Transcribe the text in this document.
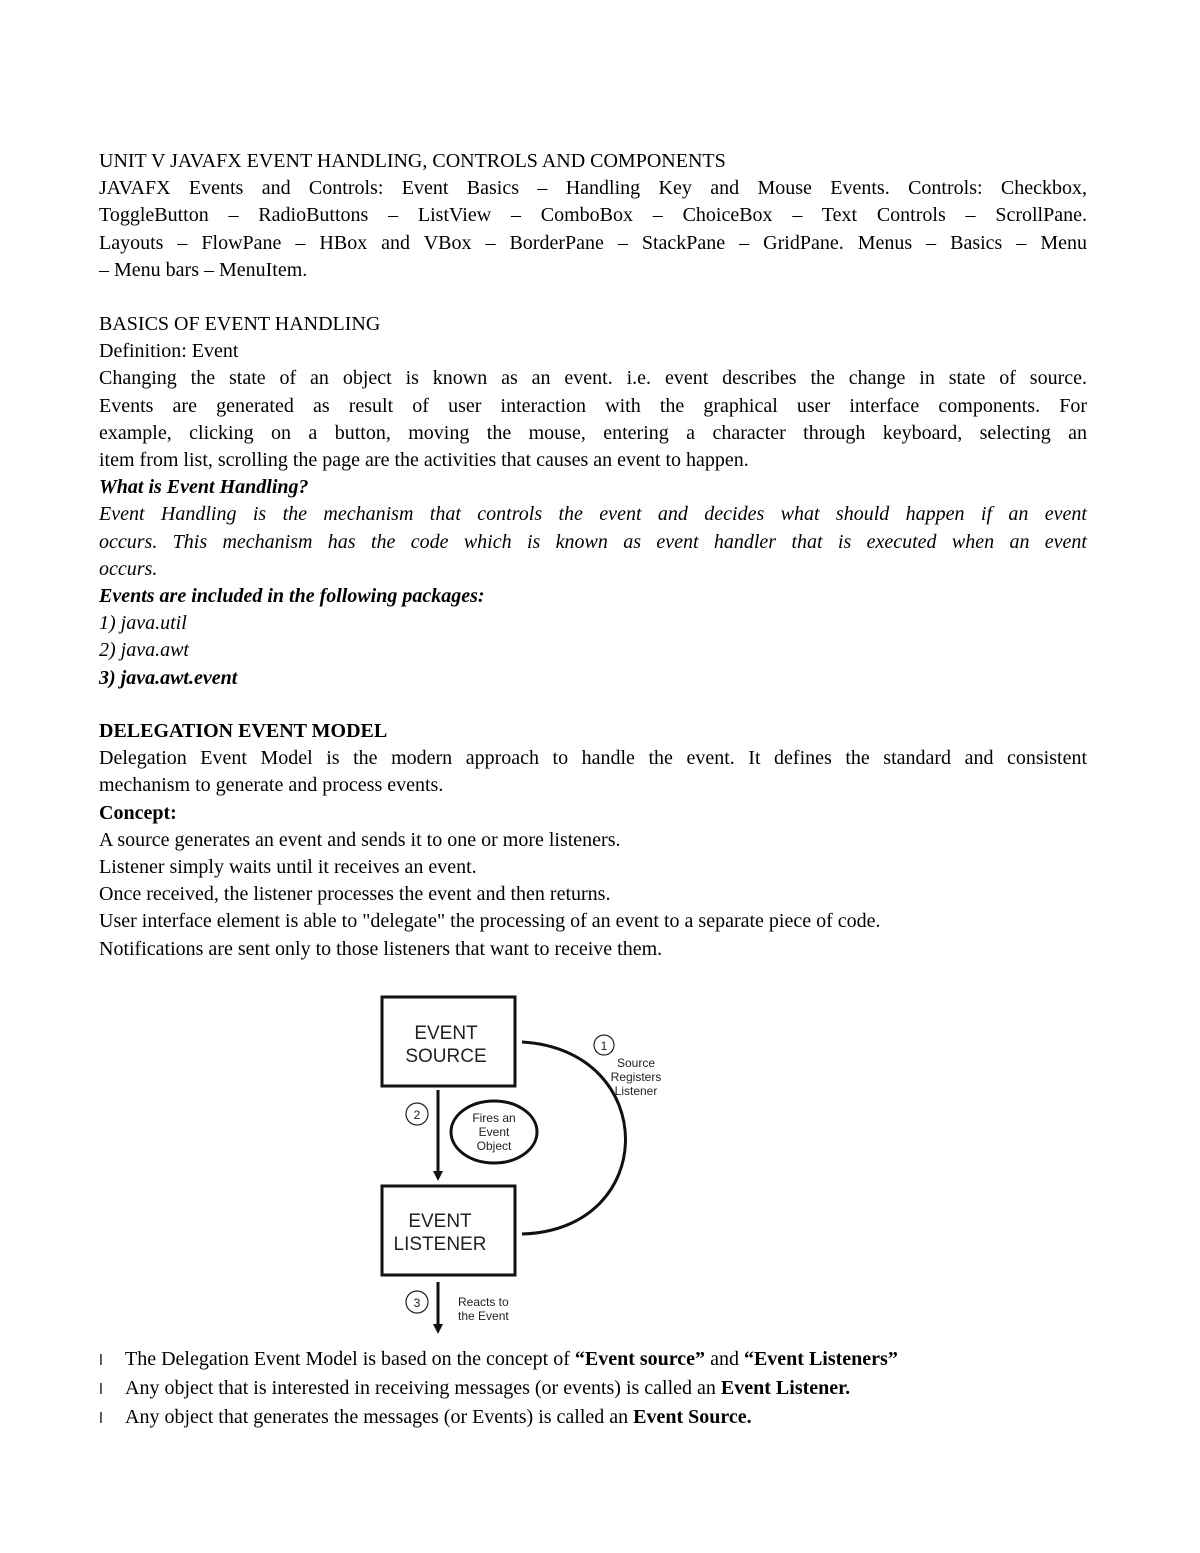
UNIT V JAVAFX EVENT HANDLING, CONTROLS AND COMPONENTS
JAVAFX Events and Controls: Event Basics – Handling Key and Mouse Events. Controls: Checkbox,
ToggleButton – RadioButtons – ListView – ComboBox – ChoiceBox – Text Controls – ScrollPane.
Layouts – FlowPane – HBox and VBox – BorderPane – StackPane – GridPane. Menus – Basics – Menu
– Menu bars – MenuItem.
BASICS OF EVENT HANDLING
Definition: Event
Changing the state of an object is known as an event. i.e. event describes the change in state of source.
Events are generated as result of user interaction with the graphical user interface components. For
example, clicking on a button, moving the mouse, entering a character through keyboard, selecting an
item from list, scrolling the page are the activities that causes an event to happen.
What is Event Handling?
Event Handling is the mechanism that controls the event and decides what should happen if an event
occurs. This mechanism has the code which is known as event handler that is executed when an event
occurs.
Events are included in the following packages:
1) java.util
2) java.awt
3) java.awt.event
DELEGATION EVENT MODEL
Delegation Event Model is the modern approach to handle the event. It defines the standard and consistent
mechanism to generate and process events.
Concept:
A source generates an event and sends it to one or more listeners.
Listener simply waits until it receives an event.
Once received, the listener processes the event and then returns.
User interface element is able to "delegate" the processing of an event to a separate piece of code.
Notifications are sent only to those listeners that want to receive them.
EVENT
SOURCE
EVENT
LISTENER
1
Source
Registers
Listener
2	Fires an
Event
Object
3	Reacts to
the Event
l The Delegation Event Model is based on the concept of “Event source” and “Event Listeners”
l Any object that is interested in receiving messages (or events) is called an Event Listener.
l Any object that generates the messages (or Events) is called an Event Source.
